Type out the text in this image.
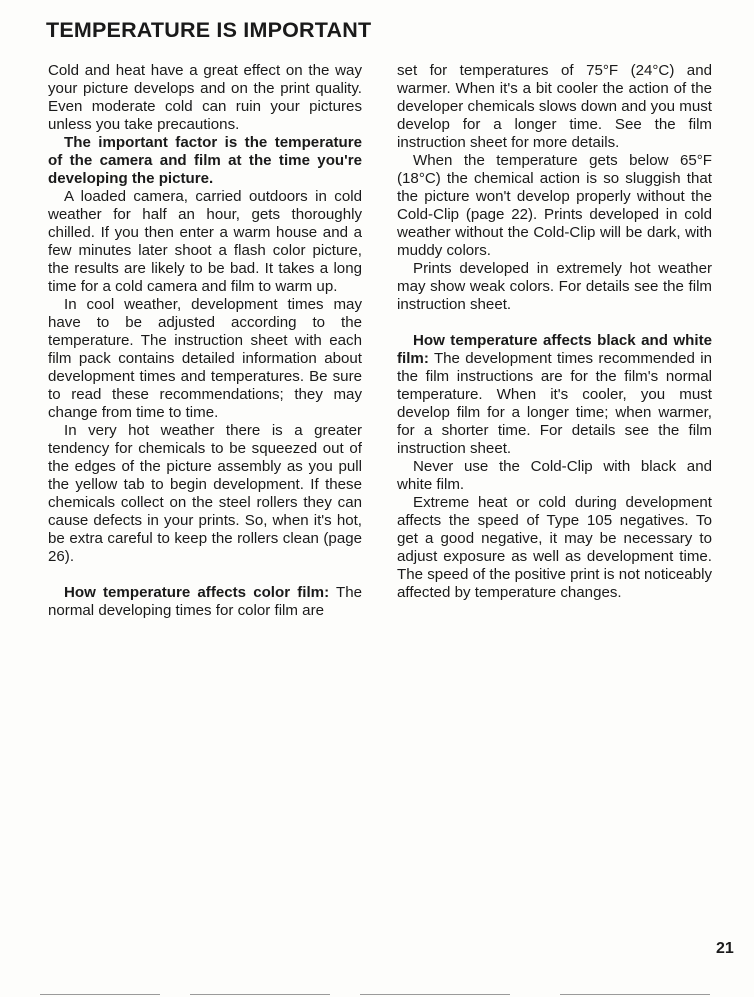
TEMPERATURE IS IMPORTANT

Cold and heat have a great effect on the way your picture develops and on the print quality. Even moderate cold can ruin your pictures unless you take precautions.

The important factor is the temperature of the camera and film at the time you're developing the picture.

A loaded camera, carried outdoors in cold weather for half an hour, gets thoroughly chilled. If you then enter a warm house and a few minutes later shoot a flash color picture, the results are likely to be bad. It takes a long time for a cold camera and film to warm up.

In cool weather, development times may have to be adjusted according to the temperature. The instruction sheet with each film pack contains detailed information about development times and temperatures. Be sure to read these recommendations; they may change from time to time.

In very hot weather there is a greater tendency for chemicals to be squeezed out of the edges of the picture assembly as you pull the yellow tab to begin development. If these chemicals collect on the steel rollers they can cause defects in your prints. So, when it's hot, be extra careful to keep the rollers clean (page 26).

How temperature affects color film: The normal developing times for color film are

set for temperatures of 75°F (24°C) and warmer. When it's a bit cooler the action of the developer chemicals slows down and you must develop for a longer time. See the film instruction sheet for more details.

When the temperature gets below 65°F (18°C) the chemical action is so sluggish that the picture won't develop properly without the Cold-Clip (page 22). Prints developed in cold weather without the Cold-Clip will be dark, with muddy colors.

Prints developed in extremely hot weather may show weak colors. For details see the film instruction sheet.

How temperature affects black and white film: The development times recommended in the film instructions are for the film's normal temperature. When it's cooler, you must develop film for a longer time; when warmer, for a shorter time. For details see the film instruction sheet.

Never use the Cold-Clip with black and white film.

Extreme heat or cold during development affects the speed of Type 105 negatives. To get a good negative, it may be necessary to adjust exposure as well as development time. The speed of the positive print is not noticeably affected by temperature changes.

21
